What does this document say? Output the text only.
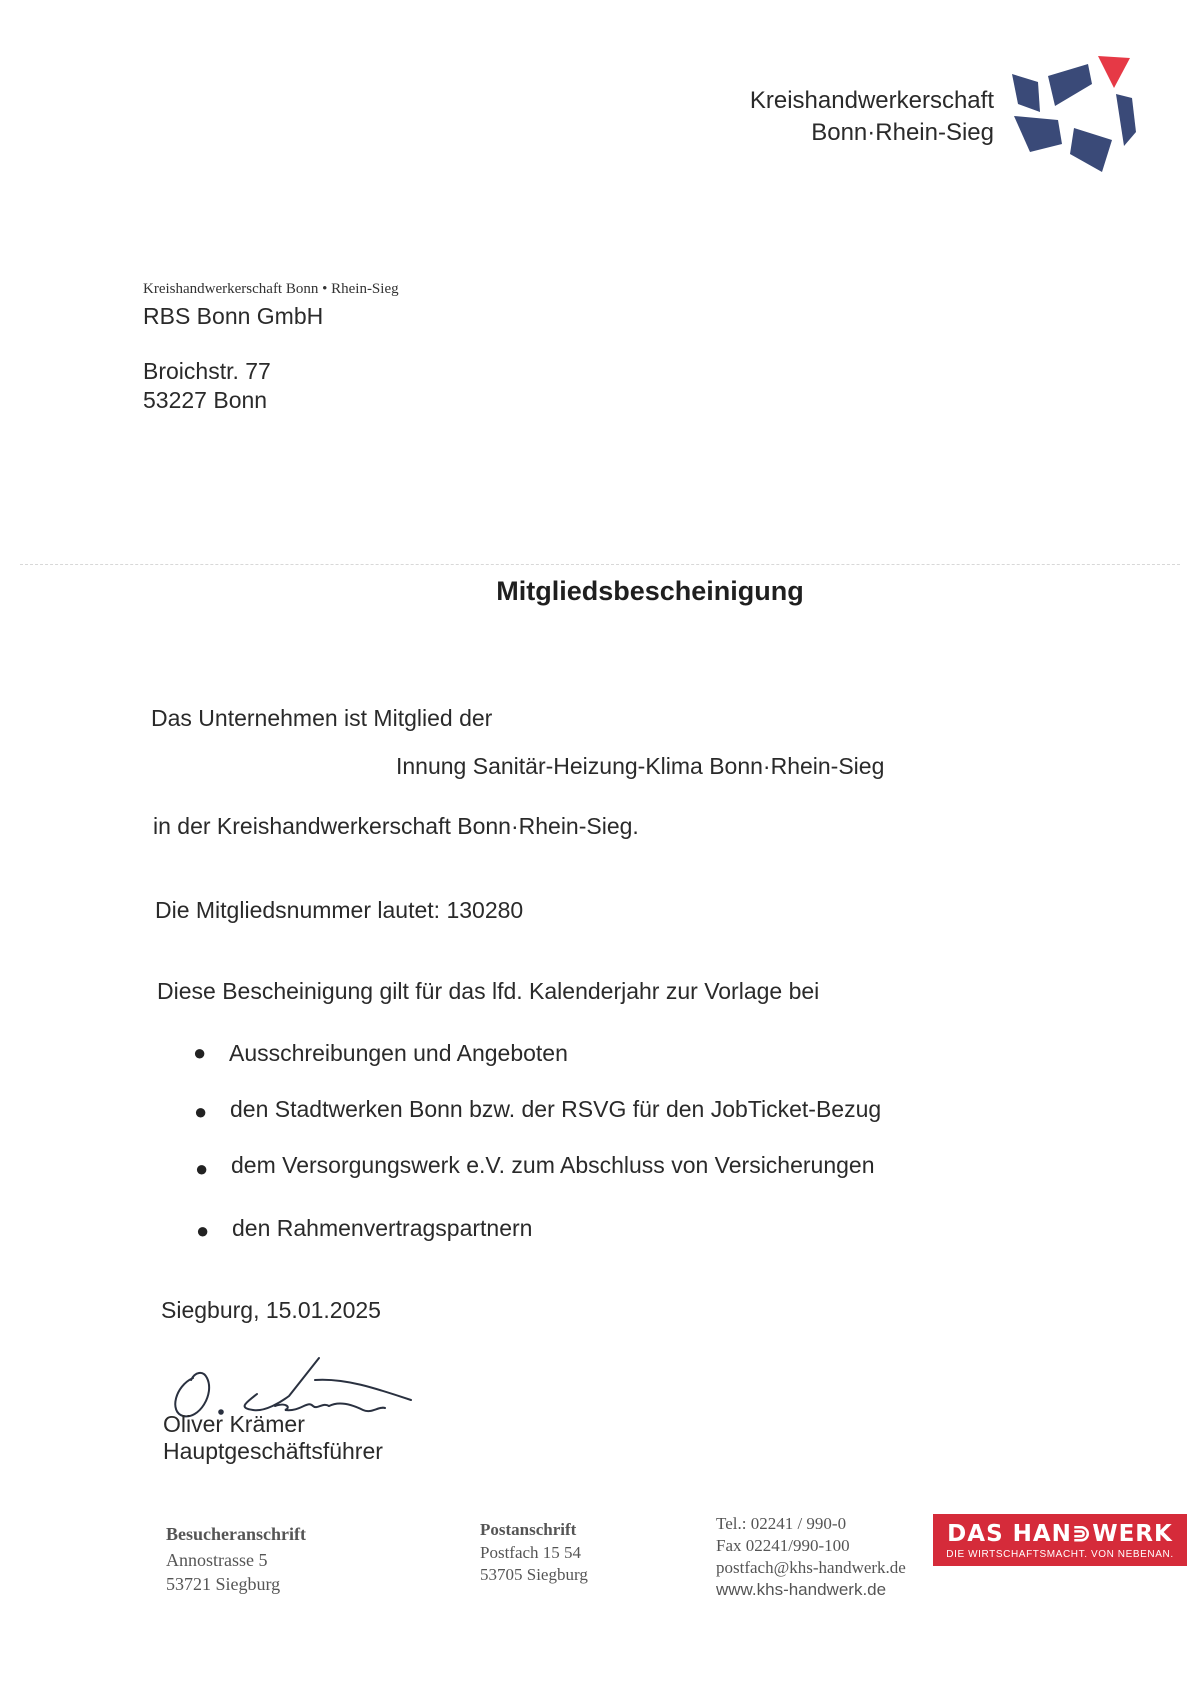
Kreishandwerkerschaft
Bonn·Rhein-Sieg
Kreishandwerkerschaft Bonn • Rhein-Sieg
RBS Bonn GmbH
Broichstr. 77
53227 Bonn
Mitgliedsbescheinigung
Das Unternehmen ist Mitglied der
Innung Sanitär-Heizung-Klima Bonn·Rhein-Sieg
in der Kreishandwerkerschaft Bonn·Rhein-Sieg.
Die Mitgliedsnummer lautet: 130280
Diese Bescheinigung gilt für das lfd. Kalenderjahr zur Vorlage bei
● Ausschreibungen und Angeboten
● den Stadtwerken Bonn bzw. der RSVG für den JobTicket-Bezug
● dem Versorgungswerk e.V. zum Abschluss von Versicherungen
● den Rahmenvertragspartnern
Siegburg, 15.01.2025
Oliver Krämer
Hauptgeschäftsführer
Besucheranschrift
Annostrasse 5
53721 Siegburg
Postanschrift
Postfach 15 54
53705 Siegburg
Tel.: 02241 / 990-0
Fax 02241/990-100
postfach@khs-handwerk.de
www.khs-handwerk.de
DAS HAN⋑WERK
DIE WIRTSCHAFTSMACHT. VON NEBENAN.
